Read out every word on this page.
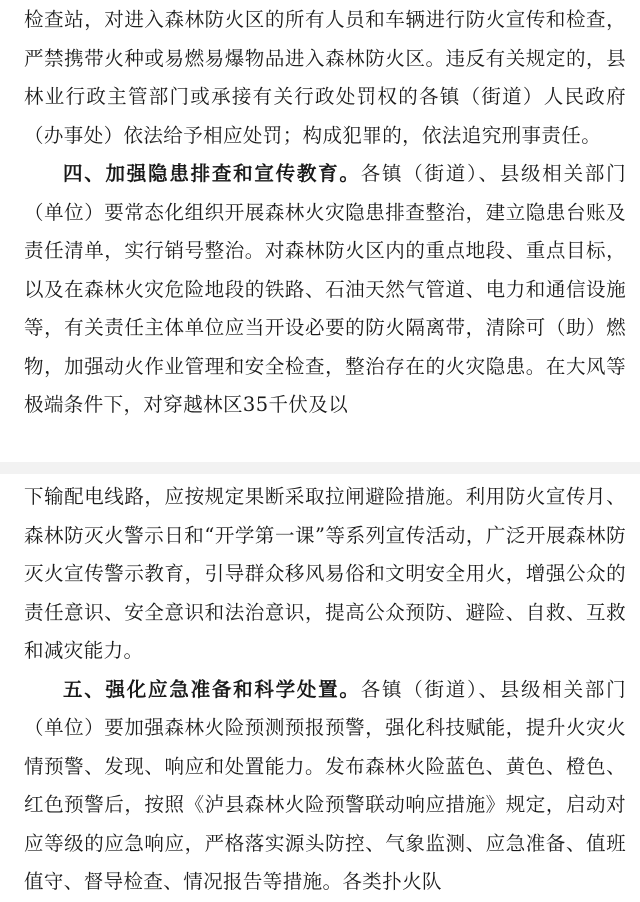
检查站，对进入森林防火区的所有人员和车辆进行防火宣传和检查，严禁携带火种或易燃易爆物品进入森林防火区。违反有关规定的，县林业行政主管部门或承接有关行政处罚权的各镇（街道）人民政府（办事处）依法给予相应处罚；构成犯罪的，依法追究刑事责任。

四、加强隐患排查和宣传教育。各镇（街道）、县级相关部门（单位）要常态化组织开展森林火灾隐患排查整治，建立隐患台账及责任清单，实行销号整治。对森林防火区内的重点地段、重点目标，以及在森林火灾危险地段的铁路、石油天然气管道、电力和通信设施等，有关责任主体单位应当开设必要的防火隔离带，清除可（助）燃物，加强动火作业管理和安全检查，整治存在的火灾隐患。在大风等极端条件下，对穿越林区35千伏及以

下输配电线路，应按规定果断采取拉闸避险措施。利用防火宣传月、森林防灭火警示日和“开学第一课”等系列宣传活动，广泛开展森林防灭火宣传警示教育，引导群众移风易俗和文明安全用火，增强公众的责任意识、安全意识和法治意识，提高公众预防、避险、自救、互救和减灾能力。

五、强化应急准备和科学处置。各镇（街道）、县级相关部门（单位）要加强森林火险预测预报预警，强化科技赋能，提升火灾火情预警、发现、响应和处置能力。发布森林火险蓝色、黄色、橙色、红色预警后，按照《泸县森林火险预警联动响应措施》规定，启动对应等级的应急响应，严格落实源头防控、气象监测、应急准备、值班值守、督导检查、情况报告等措施。各类扑火队
